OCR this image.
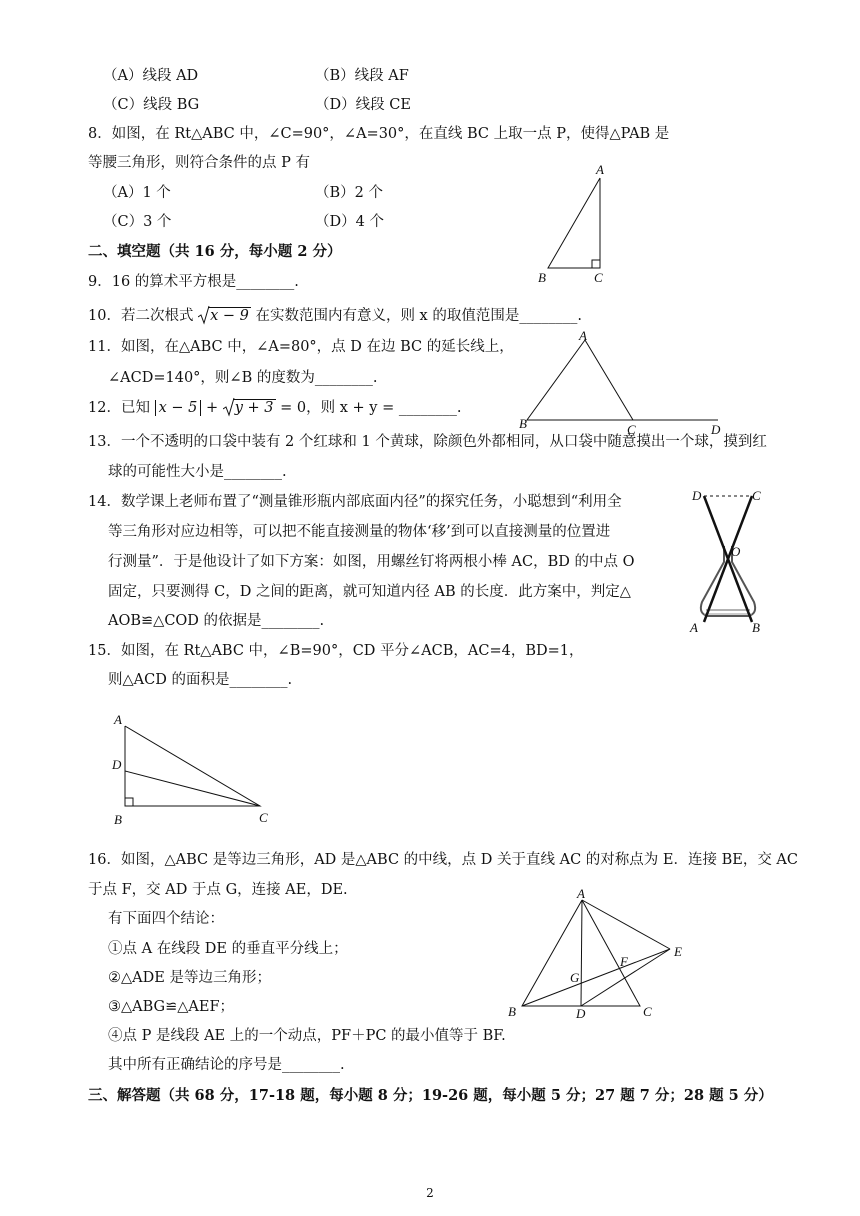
（A）线段 AD	（B）线段 AF
（C）线段 BG	（D）线段 CE
8．如图，在 Rt△ABC 中，∠C=90°，∠A=30°，在直线 BC 上取一点 P，使得△PAB 是
等腰三角形，则符合条件的点 P 有
（A）1 个	（B）2 个
（C）3 个	（D）4 个
A
B	C
二、填空题（共 16 分，每小题 2 分）
9．16 的算术平方根是________.
10．若二次根式 x − 9 在实数范围内有意义，则 x 的取值范围是________.
11．如图，在△ABC 中，∠A=80°，点 D 在边 BC 的延长线上，
∠ACD=140°，则∠B 的度数为________.
A
B	C	D
12．已知 x − 5 + y + 3 = 0，则 x + y = ________.
13．一个不透明的口袋中装有 2 个红球和 1 个黄球，除颜色外都相同，从口袋中随意摸出一个球，摸到红
球的可能性大小是________.
14．数学课上老师布置了“测量锥形瓶内部底面内径”的探究任务，小聪想到“利用全
等三角形对应边相等，可以把不能直接测量的物体‘移’到可以直接测量的位置进
行测量”．于是他设计了如下方案：如图，用螺丝钉将两根小棒 AC，BD 的中点 O
固定，只要测得 C，D 之间的距离，就可知道内径 AB 的长度．此方案中，判定△
AOB≌△COD 的依据是________.
D	C
O
A	B
15．如图，在 Rt△ABC 中，∠B=90°，CD 平分∠ACB，AC=4，BD=1，
则△ACD 的面积是________.
A
D
B	C
16．如图，△ABC 是等边三角形，AD 是△ABC 的中线，点 D 关于直线 AC 的对称点为 E．连接 BE，交 AC
于点 F，交 AD 于点 G，连接 AE，DE.
有下面四个结论：
①点 A 在线段 DE 的垂直平分线上；
②△ADE 是等边三角形；
③△ABG≌△AEF；
④点 P 是线段 AE 上的一个动点，PF＋PC 的最小值等于 BF.
其中所有正确结论的序号是________.
A
E
F
G
B	D	C
三、解答题（共 68 分，17-18 题，每小题 8 分；19-26 题，每小题 5 分；27 题 7 分；28 题 5 分）
2
